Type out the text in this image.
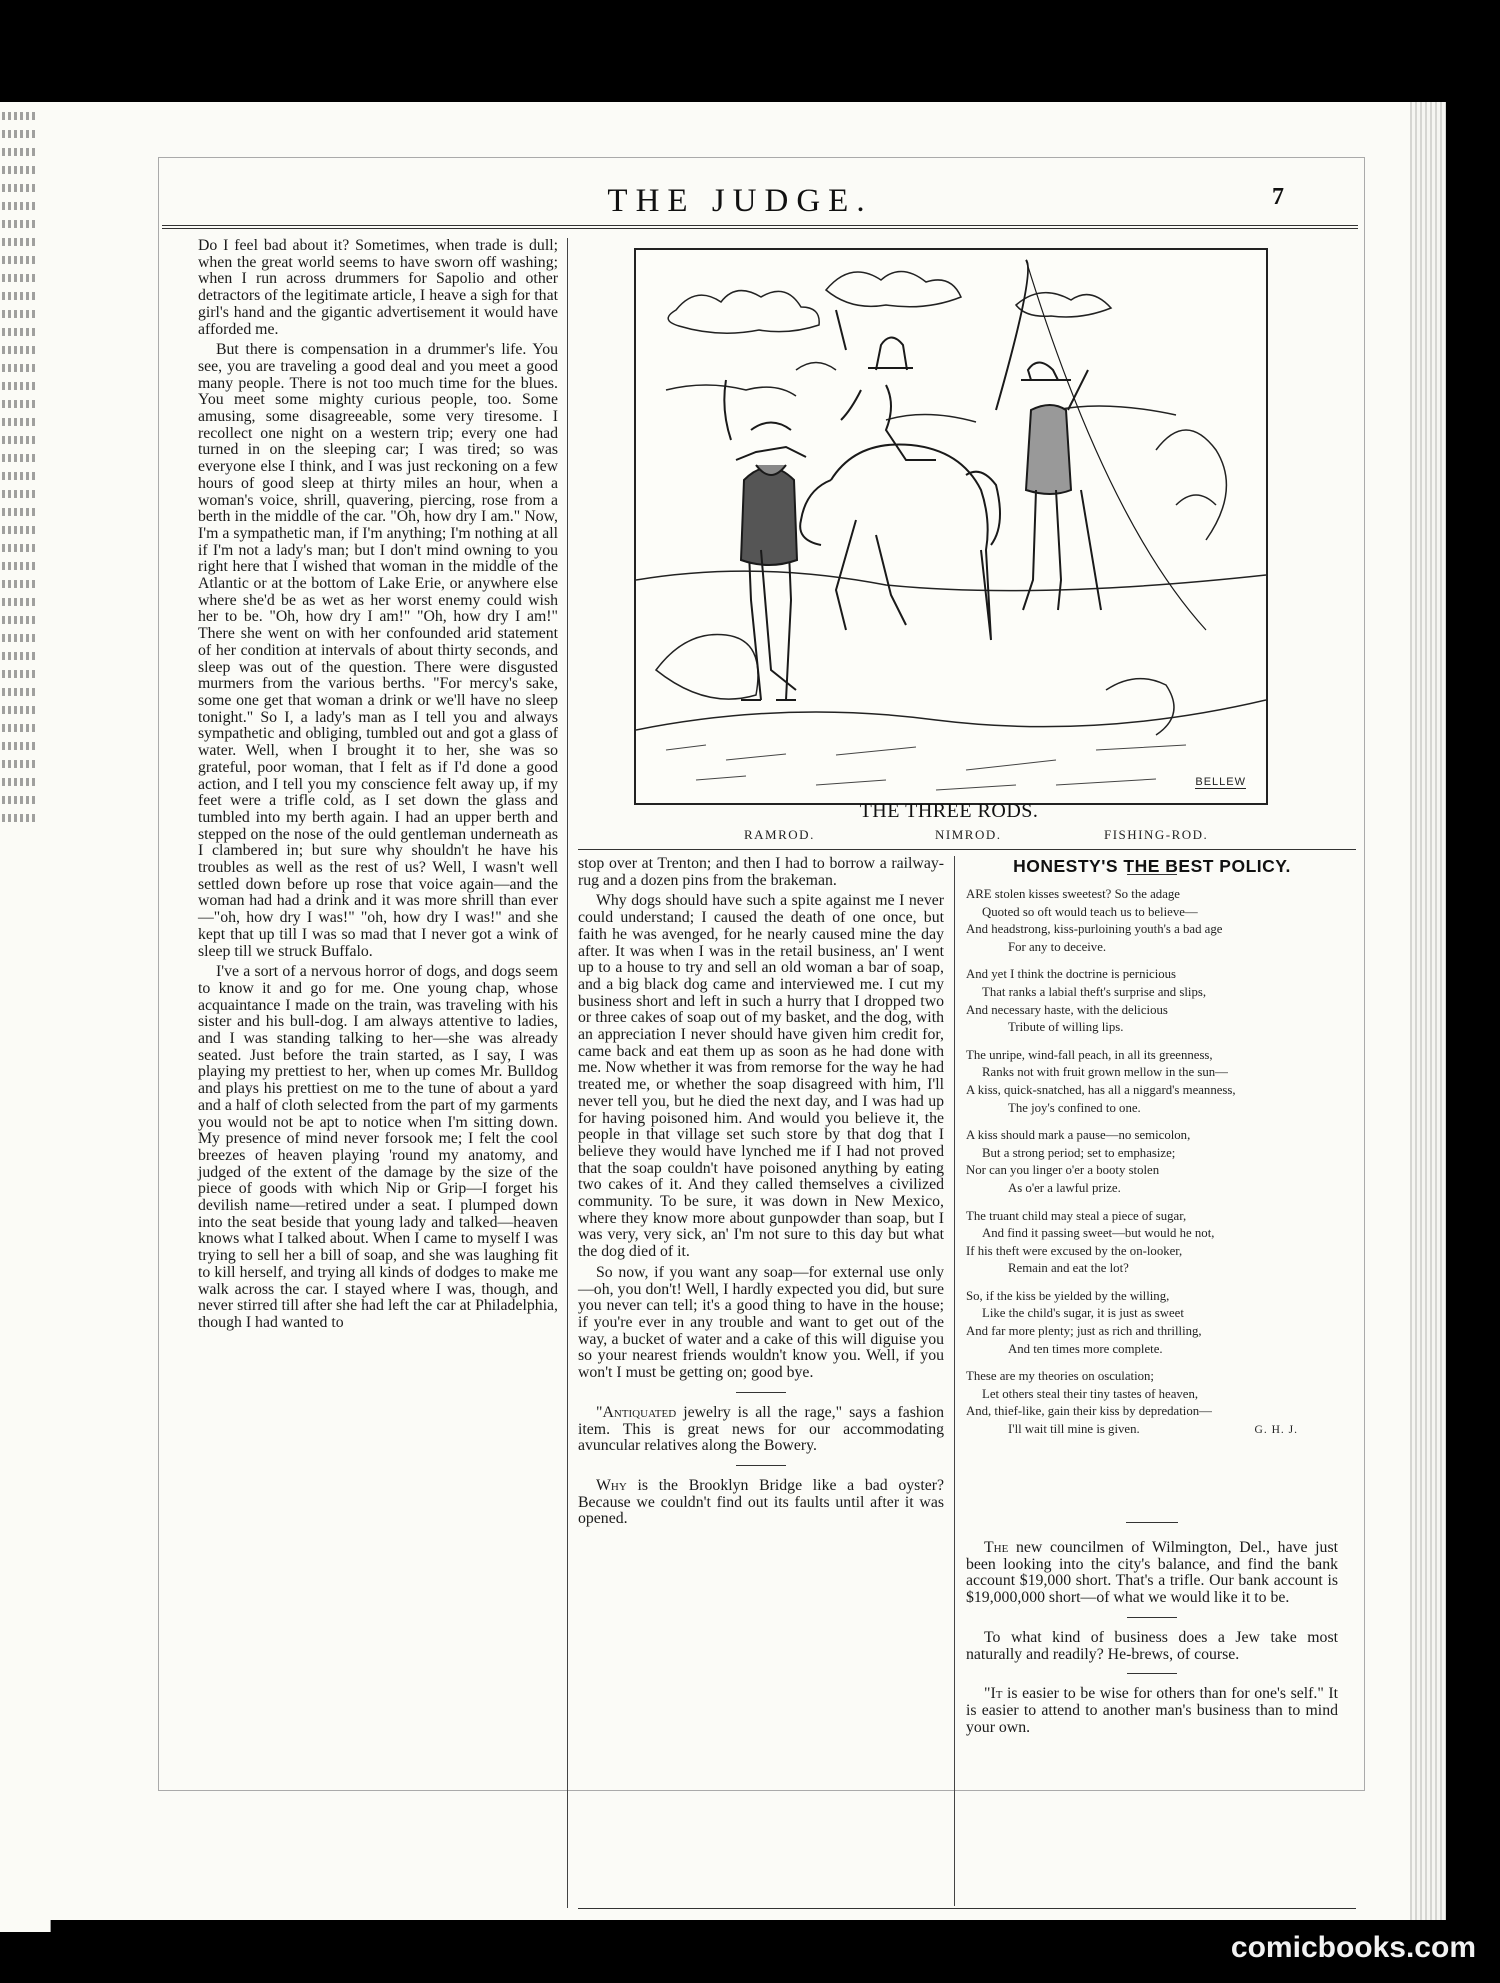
THE JUDGE.	7

Do I feel bad about it? Sometimes, when trade is dull; when the great world seems to have sworn off washing; when I run across drummers for Sapolio and other detractors of the legitimate article, I heave a sigh for that girl's hand and the gigantic advertisement it would have afforded me.

But there is compensation in a drummer's life. You see, you are traveling a good deal and you meet a good many people. There is not too much time for the blues. You meet some mighty curious people, too. Some amusing, some disagreeable, some very tiresome. I recollect one night on a western trip; every one had turned in on the sleeping car; I was tired; so was everyone else I think, and I was just reckoning on a few hours of good sleep at thirty miles an hour, when a woman's voice, shrill, quavering, piercing, rose from a berth in the middle of the car. "Oh, how dry I am." Now, I'm a sympathetic man, if I'm anything; I'm nothing at all if I'm not a lady's man; but I don't mind owning to you right here that I wished that woman in the middle of the Atlantic or at the bottom of Lake Erie, or anywhere else where she'd be as wet as her worst enemy could wish her to be. "Oh, how dry I am!" "Oh, how dry I am!" There she went on with her confounded arid statement of her condition at intervals of about thirty seconds, and sleep was out of the question. There were disgusted murmers from the various berths. "For mercy's sake, some one get that woman a drink or we'll have no sleep tonight." So I, a lady's man as I tell you and always sympathetic and obliging, tumbled out and got a glass of water. Well, when I brought it to her, she was so grateful, poor woman, that I felt as if I'd done a good action, and I tell you my conscience felt away up, if my feet were a trifle cold, as I set down the glass and tumbled into my berth again. I had an upper berth and stepped on the nose of the ould gentleman underneath as I clambered in; but sure why shouldn't he have his troubles as well as the rest of us? Well, I wasn't well settled down before up rose that voice again—and the woman had had a drink and it was more shrill than ever—"oh, how dry I was!" "oh, how dry I was!" and she kept that up till I was so mad that I never got a wink of sleep till we struck Buffalo.

I've a sort of a nervous horror of dogs, and dogs seem to know it and go for me. One young chap, whose acquaintance I made on the train, was traveling with his sister and his bull-dog. I am always attentive to ladies, and I was standing talking to her—she was already seated. Just before the train started, as I say, I was playing my prettiest to her, when up comes Mr. Bulldog and plays his prettiest on me to the tune of about a yard and a half of cloth selected from the part of my garments you would not be apt to notice when I'm sitting down. My presence of mind never forsook me; I felt the cool breezes of heaven playing 'round my anatomy, and judged of the extent of the damage by the size of the piece of goods with which Nip or Grip—I forget his devilish name—retired under a seat. I plumped down into the seat beside that young lady and talked—heaven knows what I talked about. When I came to myself I was trying to sell her a bill of soap, and she was laughing fit to kill herself, and trying all kinds of dodges to make me walk across the car. I stayed where I was, though, and never stirred till after she had left the car at Philadelphia, though I had wanted to

BELLEW
THE THREE RODS.
RAMROD.	NIMROD.	FISHING-ROD.

stop over at Trenton; and then I had to borrow a railway-rug and a dozen pins from the brakeman.

Why dogs should have such a spite against me I never could understand; I caused the death of one once, but faith he was avenged, for he nearly caused mine the day after. It was when I was in the retail business, an' I went up to a house to try and sell an old woman a bar of soap, and a big black dog came and interviewed me. I cut my business short and left in such a hurry that I dropped two or three cakes of soap out of my basket, and the dog, with an appreciation I never should have given him credit for, came back and eat them up as soon as he had done with me. Now whether it was from remorse for the way he had treated me, or whether the soap disagreed with him, I'll never tell you, but he died the next day, and I was had up for having poisoned him. And would you believe it, the people in that village set such store by that dog that I believe they would have lynched me if I had not proved that the soap couldn't have poisoned anything by eating two cakes of it. And they called themselves a civilized community. To be sure, it was down in New Mexico, where they know more about gunpowder than soap, but I was very, very sick, an' I'm not sure to this day but what the dog died of it.

So now, if you want any soap—for external use only—oh, you don't! Well, I hardly expected you did, but sure you never can tell; it's a good thing to have in the house; if you're ever in any trouble and want to get out of the way, a bucket of water and a cake of this will diguise you so your nearest friends wouldn't know you. Well, if you won't I must be getting on; good bye.

"Antiquated jewelry is all the rage," says a fashion item. This is great news for our accommodating avuncular relatives along the Bowery.

Why is the Brooklyn Bridge like a bad oyster? Because we couldn't find out its faults until after it was opened.

HONESTY'S THE BEST POLICY.
ARE stolen kisses sweetest? So the adage
Quoted so oft would teach us to believe—
And headstrong, kiss-purloining youth's a bad age
For any to deceive.
And yet I think the doctrine is pernicious
That ranks a labial theft's surprise and slips,
And necessary haste, with the delicious
Tribute of willing lips.
The unripe, wind-fall peach, in all its greenness,
Ranks not with fruit grown mellow in the sun—
A kiss, quick-snatched, has all a niggard's meanness,
The joy's confined to one.
A kiss should mark a pause—no semicolon,
But a strong period; set to emphasize;
Nor can you linger o'er a booty stolen
As o'er a lawful prize.
The truant child may steal a piece of sugar,
And find it passing sweet—but would he not,
If his theft were excused by the on-looker,
Remain and eat the lot?
So, if the kiss be yielded by the willing,
Like the child's sugar, it is just as sweet
And far more plenty; just as rich and thrilling,
And ten times more complete.
These are my theories on osculation;
Let others steal their tiny tastes of heaven,
And, thief-like, gain their kiss by depredation—
I'll wait till mine is given.	G. H. J.

The new councilmen of Wilmington, Del., have just been looking into the city's balance, and find the bank account $19,000 short. That's a trifle. Our bank account is $19,000,000 short—of what we would like it to be.

To what kind of business does a Jew take most naturally and readily? He-brews, of course.

"It is easier to be wise for others than for one's self." It is easier to attend to another man's business than to mind your own.

comicbooks.com
